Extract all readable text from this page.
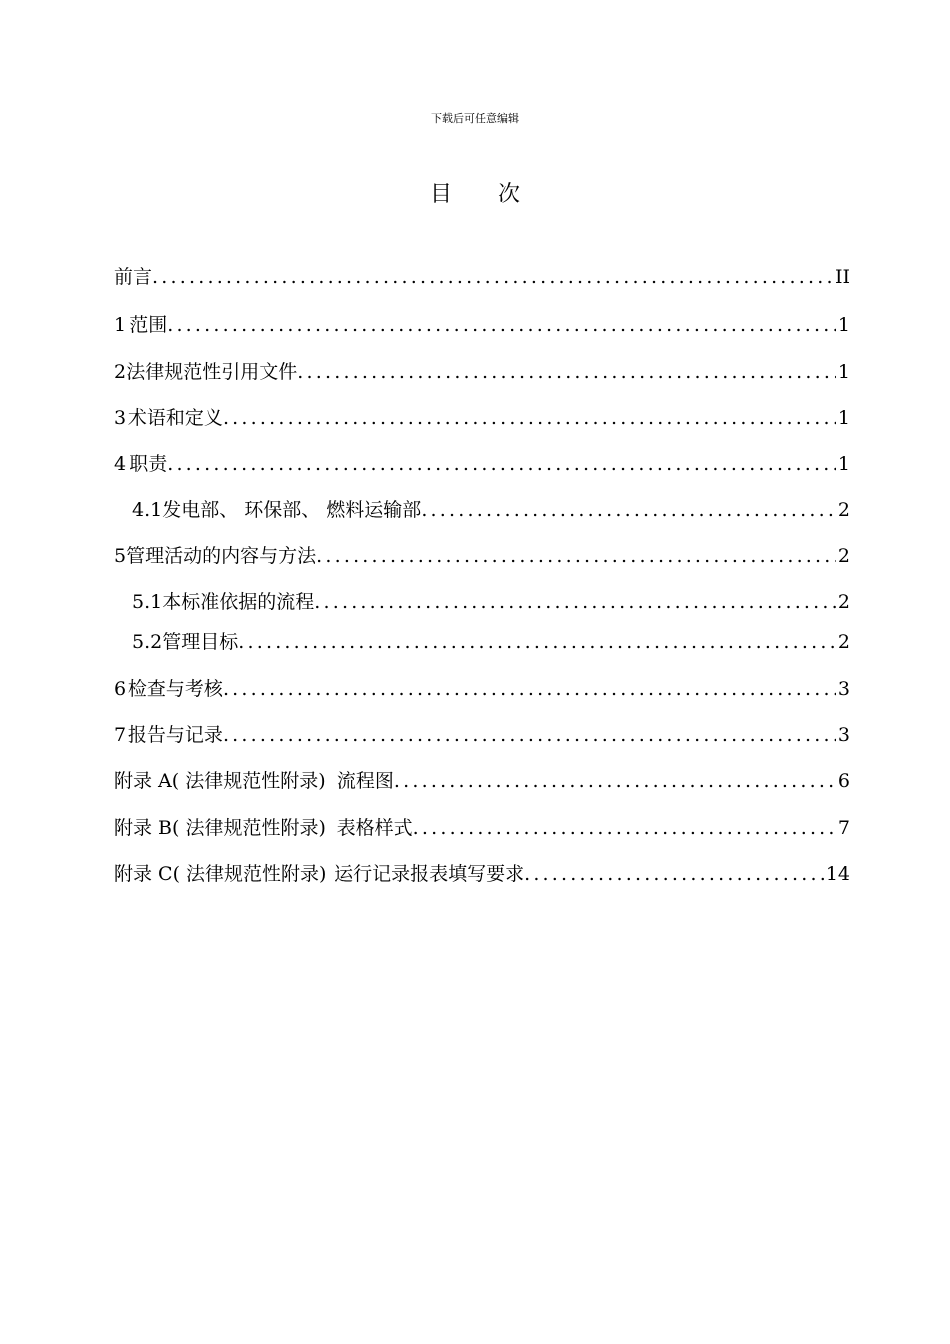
下载后可任意编辑
目 次
前言 .....	II
1 范围 .....	1
2 法律规范性引用文件 .....	1
3 术语和定义 .....	1
4 职责 .....	1
4.1 发电部、 环保部、 燃料运输部 .....	2
5 管理活动的内容与方法 .....	2
5.1 本标准依据的流程 .....	2
5.2 管理目标 .....	2
6 检查与考核 .....	3
7 报告与记录 .....	3
附录 A( 法律规范性附录) 流程图 .....	6
附录 B( 法律规范性附录) 表格样式 .....	7
附录 C( 法律规范性附录) 运行记录报表填写要求 .....	14
